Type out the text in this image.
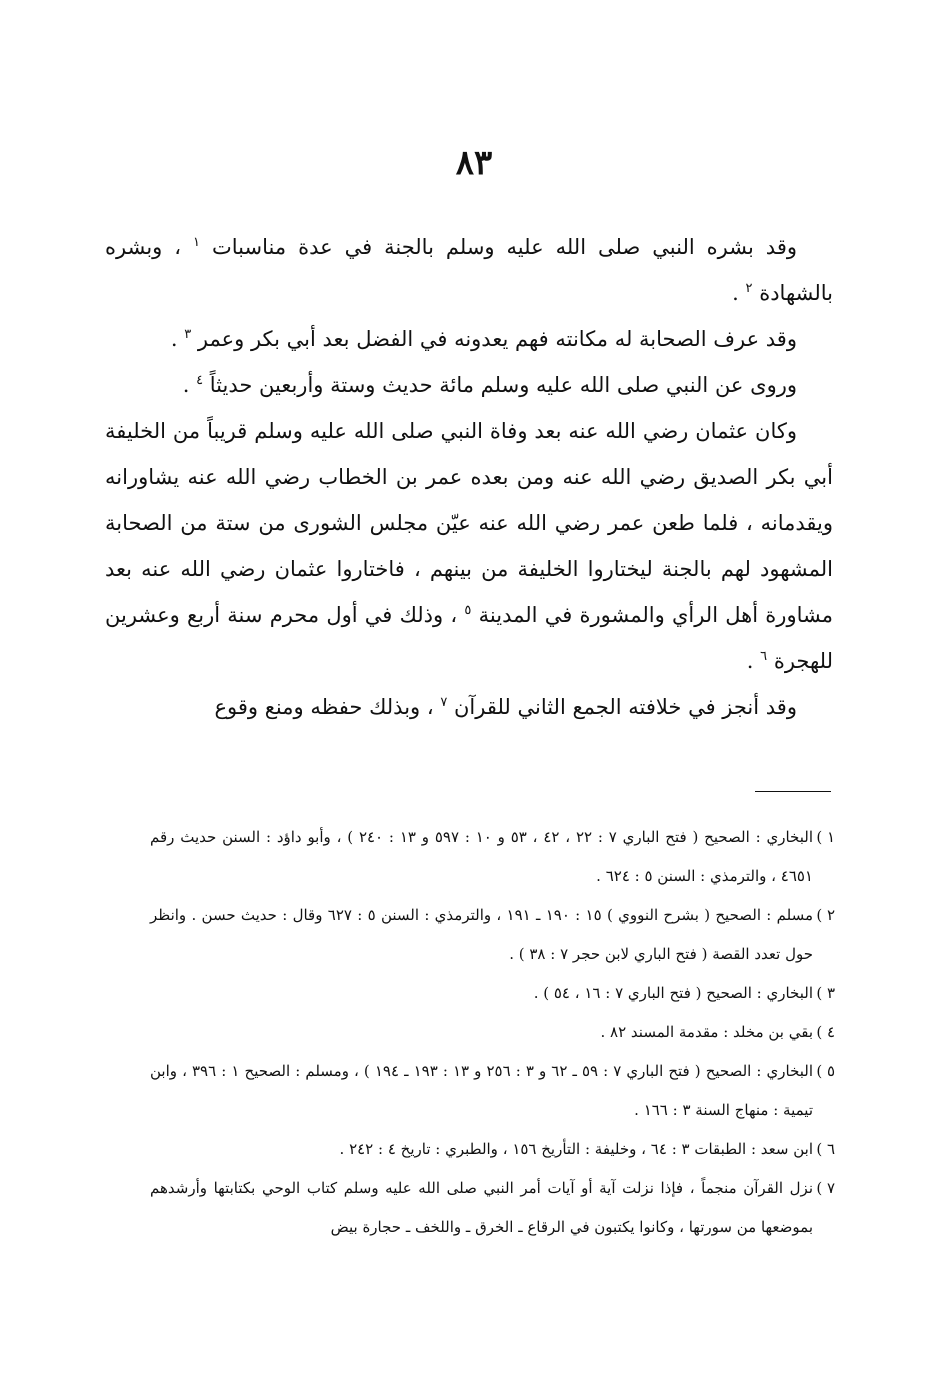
٨٣

وقد بشره النبي صلى الله عليه وسلم بالجنة في عدة مناسبات $^١$ ، وبشره بالشهادة $^٢$ .

وقد عرف الصحابة له مكانته فهم يعدونه في الفضل بعد أبي بكر وعمر $^٣$ .

وروى عن النبي صلى الله عليه وسلم مائة حديث وستة وأربعين حديثاً $^٤$ .

وكان عثمان رضي الله عنه بعد وفاة النبي صلى الله عليه وسلم قريباً من الخليفة أبي بكر الصديق رضي الله عنه ومن بعده عمر بن الخطاب رضي الله عنه يشاورانه ويقدمانه ، فلما طعن عمر رضي الله عنه عيّن مجلس الشورى من ستة من الصحابة المشهود لهم بالجنة ليختاروا الخليفة من بينهم ، فاختاروا عثمان رضي الله عنه بعد مشاورة أهل الرأي والمشورة في المدينة $^٥$ ، وذلك في أول محرم سنة أربع وعشرين للهجرة $^٦$ .

وقد أنجز في خلافته الجمع الثاني للقرآن $^٧$ ، وبذلك حفظه ومنع وقوع

١ )البخاري : الصحيح ( فتح الباري ٧ : ٢٢ ، ٤٢ ، ٥٣ و ١٠ : ٥٩٧ و ١٣ : ٢٤٠ ) ، وأبو داؤد : السنن حديث رقم ٤٦٥١ ، والترمذي : السنن ٥ : ٦٢٤ .

٢ )مسلم : الصحيح ( بشرح النووي ) ١٥ : ١٩٠ ـ ١٩١ ، والترمذي : السنن ٥ : ٦٢٧ وقال : حديث حسن . وانظر حول تعدد القصة ( فتح الباري لابن حجر ٧ : ٣٨ ) .

٣ )البخاري : الصحيح ( فتح الباري ٧ : ١٦ ، ٥٤ ) .

٤ )بقي بن مخلد : مقدمة المسند ٨٢ .

٥ )البخاري : الصحيح ( فتح الباري ٧ : ٥٩ ـ ٦٢ و ٣ : ٢٥٦ و ١٣ : ١٩٣ ـ ١٩٤ ) ، ومسلم : الصحيح ١ : ٣٩٦ ، وابن تيمية : منهاج السنة ٣ : ١٦٦ .

٦ )ابن سعد : الطبقات ٣ : ٦٤ ، وخليفة : التأريخ ١٥٦ ، والطبري : تاريخ ٤ : ٢٤٢ .

٧ )نزل القرآن منجماً ، فإذا نزلت آية أو آيات أمر النبي صلى الله عليه وسلم كتاب الوحي بكتابتها وأرشدهم بموضعها من سورتها ، وكانوا يكتبون في الرقاع ـ الخرق ـ واللخف ـ حجارة بيض
